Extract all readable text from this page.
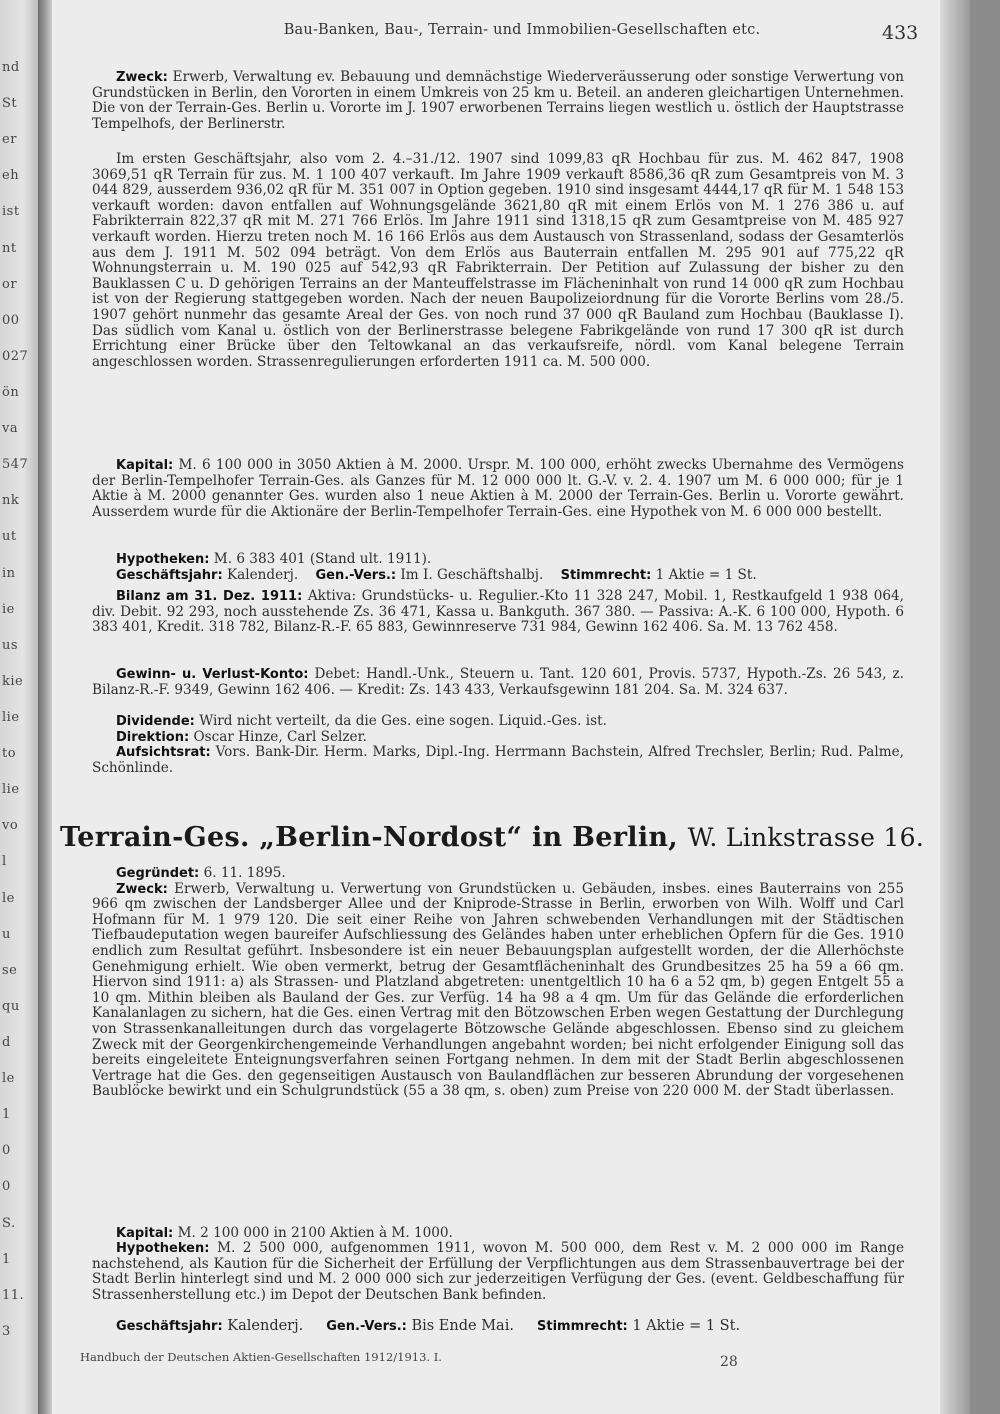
nd
St
er
eh
ist
nt
or
00
027
ön
va
547
nk
ut
in
ie
us
kie
lie
to
lie
vo
l
le
u
se
qu
d
le
1
0
0
S.
1
11.
3
Bau-Banken, Bau-, Terrain- und Immobilien-Gesellschaften etc.	433

Zweck: Erwerb, Verwaltung ev. Bebauung und demnächstige Wiederveräusserung oder sonstige Verwertung von Grundstücken in Berlin, den Vororten in einem Umkreis von 25 km u. Beteil. an anderen gleichartigen Unternehmen. Die von der Terrain-Ges. Berlin u. Vororte im J. 1907 erworbenen Terrains liegen westlich u. östlich der Hauptstrasse Tempelhofs, der Berlinerstr.

Im ersten Geschäftsjahr, also vom 2. 4.–31./12. 1907 sind 1099,83 qR Hochbau für zus. M. 462 847, 1908 3069,51 qR Terrain für zus. M. 1 100 407 verkauft. Im Jahre 1909 verkauft 8586,36 qR zum Gesamtpreis von M. 3 044 829, ausserdem 936,02 qR für M. 351 007 in Option gegeben. 1910 sind insgesamt 4444,17 qR für M. 1 548 153 verkauft worden: davon entfallen auf Wohnungsgelände 3621,80 qR mit einem Erlös von M. 1 276 386 u. auf Fabrikterrain 822,37 qR mit M. 271 766 Erlös. Im Jahre 1911 sind 1318,15 qR zum Gesamtpreise von M. 485 927 verkauft worden. Hierzu treten noch M. 16 166 Erlös aus dem Austausch von Strassenland, sodass der Gesamterlös aus dem J. 1911 M. 502 094 beträgt. Von dem Erlös aus Bauterrain entfallen M. 295 901 auf 775,22 qR Wohnungsterrain u. M. 190 025 auf 542,93 qR Fabrikterrain. Der Petition auf Zulassung der bisher zu den Bauklassen C u. D gehörigen Terrains an der Manteuffelstrasse im Flächeninhalt von rund 14 000 qR zum Hochbau ist von der Regierung stattgegeben worden. Nach der neuen Baupolizeiordnung für die Vororte Berlins vom 28./5. 1907 gehört nunmehr das gesamte Areal der Ges. von noch rund 37 000 qR Bauland zum Hochbau (Bauklasse I). Das südlich vom Kanal u. östlich von der Berlinerstrasse belegene Fabrikgelände von rund 17 300 qR ist durch Errichtung einer Brücke über den Teltowkanal an das verkaufsreife, nördl. vom Kanal belegene Terrain angeschlossen worden. Strassenregulierungen erforderten 1911 ca. M. 500 000.

Kapital: M. 6 100 000 in 3050 Aktien à M. 2000. Urspr. M. 100 000, erhöht zwecks Übernahme des Vermögens der Berlin-Tempelhofer Terrain-Ges. als Ganzes für M. 12 000 000 lt. G.-V. v. 2. 4. 1907 um M. 6 000 000; für je 1 Aktie à M. 2000 genannter Ges. wurden also 1 neue Aktien à M. 2000 der Terrain-Ges. Berlin u. Vororte gewährt. Ausserdem wurde für die Aktionäre der Berlin-Tempelhofer Terrain-Ges. eine Hypothek von M. 6 000 000 bestellt.

Hypotheken: M. 6 383 401 (Stand ult. 1911).

Geschäftsjahr: Kalenderj. Gen.-Vers.: Im I. Geschäftshalbj. Stimmrecht: 1 Aktie = 1 St.

Bilanz am 31. Dez. 1911: Aktiva: Grundstücks- u. Regulier.-Kto 11 328 247, Mobil. 1, Restkaufgeld 1 938 064, div. Debit. 92 293, noch ausstehende Zs. 36 471, Kassa u. Bankguth. 367 380. — Passiva: A.-K. 6 100 000, Hypoth. 6 383 401, Kredit. 318 782, Bilanz-R.-F. 65 883, Gewinnreserve 731 984, Gewinn 162 406. Sa. M. 13 762 458.

Gewinn- u. Verlust-Konto: Debet: Handl.-Unk., Steuern u. Tant. 120 601, Provis. 5737, Hypoth.-Zs. 26 543, z. Bilanz-R.-F. 9349, Gewinn 162 406. — Kredit: Zs. 143 433, Verkaufsgewinn 181 204. Sa. M. 324 637.

Dividende: Wird nicht verteilt, da die Ges. eine sogen. Liquid.-Ges. ist.

Direktion: Oscar Hinze, Carl Selzer.

Aufsichtsrat: Vors. Bank-Dir. Herm. Marks, Dipl.-Ing. Herrmann Bachstein, Alfred Trechsler, Berlin; Rud. Palme, Schönlinde.

Terrain-Ges. „Berlin-Nordost“ in Berlin, W. Linkstrasse 16.

Gegründet: 6. 11. 1895.

Zweck: Erwerb, Verwaltung u. Verwertung von Grundstücken u. Gebäuden, insbes. eines Bauterrains von 255 966 qm zwischen der Landsberger Allee und der Kniprode-Strasse in Berlin, erworben von Wilh. Wolff und Carl Hofmann für M. 1 979 120. Die seit einer Reihe von Jahren schwebenden Verhandlungen mit der Städtischen Tiefbaudeputation wegen baureifer Aufschliessung des Geländes haben unter erheblichen Opfern für die Ges. 1910 endlich zum Resultat geführt. Insbesondere ist ein neuer Bebauungsplan aufgestellt worden, der die Allerhöchste Genehmigung erhielt. Wie oben vermerkt, betrug der Gesamtflächeninhalt des Grundbesitzes 25 ha 59 a 66 qm. Hiervon sind 1911: a) als Strassen- und Platzland abgetreten: unentgeltlich 10 ha 6 a 52 qm, b) gegen Entgelt 55 a 10 qm. Mithin bleiben als Bauland der Ges. zur Verfüg. 14 ha 98 a 4 qm. Um für das Gelände die erforderlichen Kanalanlagen zu sichern, hat die Ges. einen Vertrag mit den Bötzowschen Erben wegen Gestattung der Durchlegung von Strassenkanalleitungen durch das vorgelagerte Bötzowsche Gelände abgeschlossen. Ebenso sind zu gleichem Zweck mit der Georgenkirchengemeinde Verhandlungen angebahnt worden; bei nicht erfolgender Einigung soll das bereits eingeleitete Enteignungsverfahren seinen Fortgang nehmen. In dem mit der Stadt Berlin abgeschlossenen Vertrage hat die Ges. den gegenseitigen Austausch von Baulandflächen zur besseren Abrundung der vorgesehenen Baublöcke bewirkt und ein Schulgrundstück (55 a 38 qm, s. oben) zum Preise von 220 000 M. der Stadt überlassen.

Kapital: M. 2 100 000 in 2100 Aktien à M. 1000.

Hypotheken: M. 2 500 000, aufgenommen 1911, wovon M. 500 000, dem Rest v. M. 2 000 000 im Range nachstehend, als Kaution für die Sicherheit der Erfüllung der Verpflichtungen aus dem Strassenbauvertrage bei der Stadt Berlin hinterlegt sind und M. 2 000 000 sich zur jederzeitigen Verfügung der Ges. (event. Geldbeschaffung für Strassenherstellung etc.) im Depot der Deutschen Bank befinden.

Geschäftsjahr: Kalenderj. Gen.-Vers.: Bis Ende Mai. Stimmrecht: 1 Aktie = 1 St.

Handbuch der Deutschen Aktien-Gesellschaften 1912/1913. I.	28
